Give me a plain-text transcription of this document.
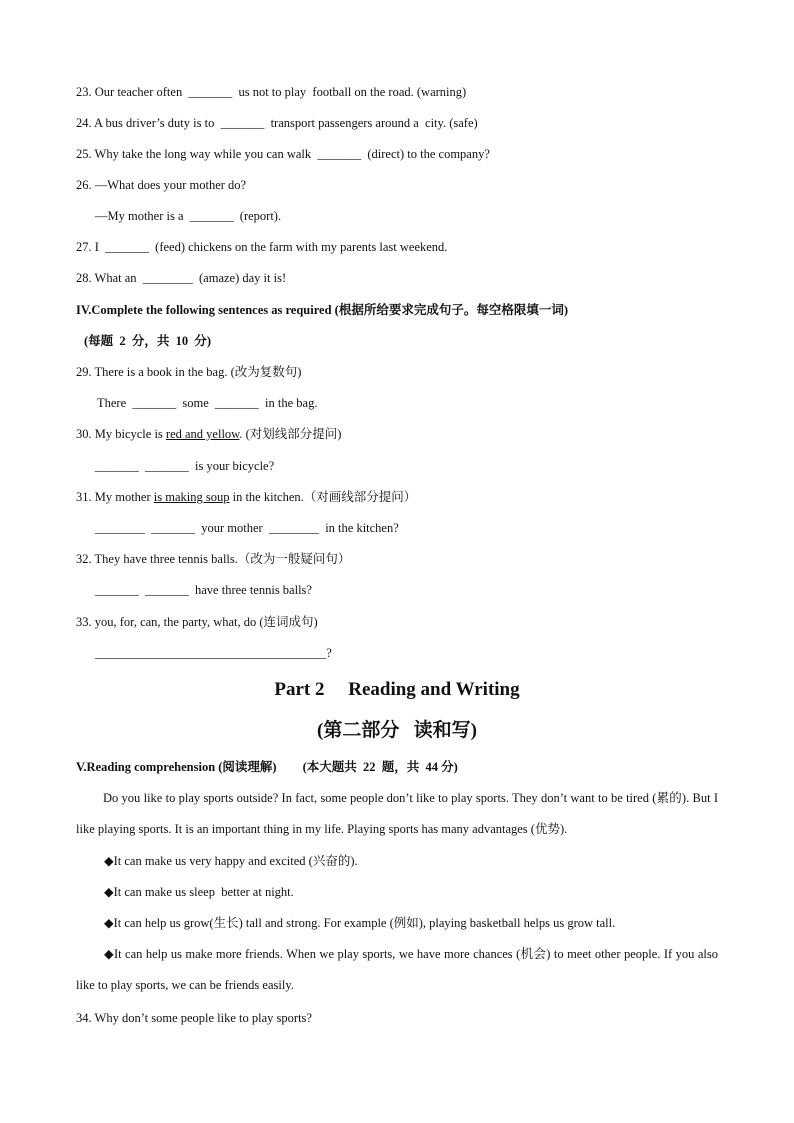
23. Our teacher often  _______  us not to play  football on the road. (warning)
24. A bus driver’s duty is to  _______  transport passengers around a  city. (safe)
25. Why take the long way while you can walk  _______  (direct) to the company?
26. —What does your mother do?
—My mother is a  _______  (report).
27. I  _______  (feed) chickens on the farm with my parents last weekend.
28. What an  ________  (amaze) day it is!
IV.Complete the following sentences as required (根据所给要求完成句子。每空格限填一词)
(每题  2  分，共  10  分)
29. There is a book in the bag. (改为复数句)
There  _______  some  _______  in the bag.
30. My bicycle is red and yellow. (对划线部分提问)
_______  _______  is your bicycle?
31. My mother is making soup in the kitchen.（对画线部分提问）
________  _______  your mother  ________  in the kitchen?
32. They have three tennis balls.（改为一般疑问句）
_______  _______  have three tennis balls?
33. you, for, can, the party, what, do (连词成句)
_____________________________________?
Part 2     Reading and Writing
(第二部分   读和写)
V.Reading comprehension (阅读理解) (本大题共  22  题，共  44 分)

Do you like to play sports outside? In fact, some people don’t like to play sports. They don’t want to be tired (累的). But I like playing sports. It is an important thing in my life. Playing sports has many advantages (优势).

◆It can make us very happy and excited (兴奋的).
◆It can make us sleep  better at night.
◆It can help us grow(生长) tall and strong. For example (例如), playing basketball helps us grow tall.
◆It can help us make more friends. When we play sports, we have more chances (机会) to meet other people. If you also like to play sports, we can be friends easily.
34. Why don’t some people like to play sports?
